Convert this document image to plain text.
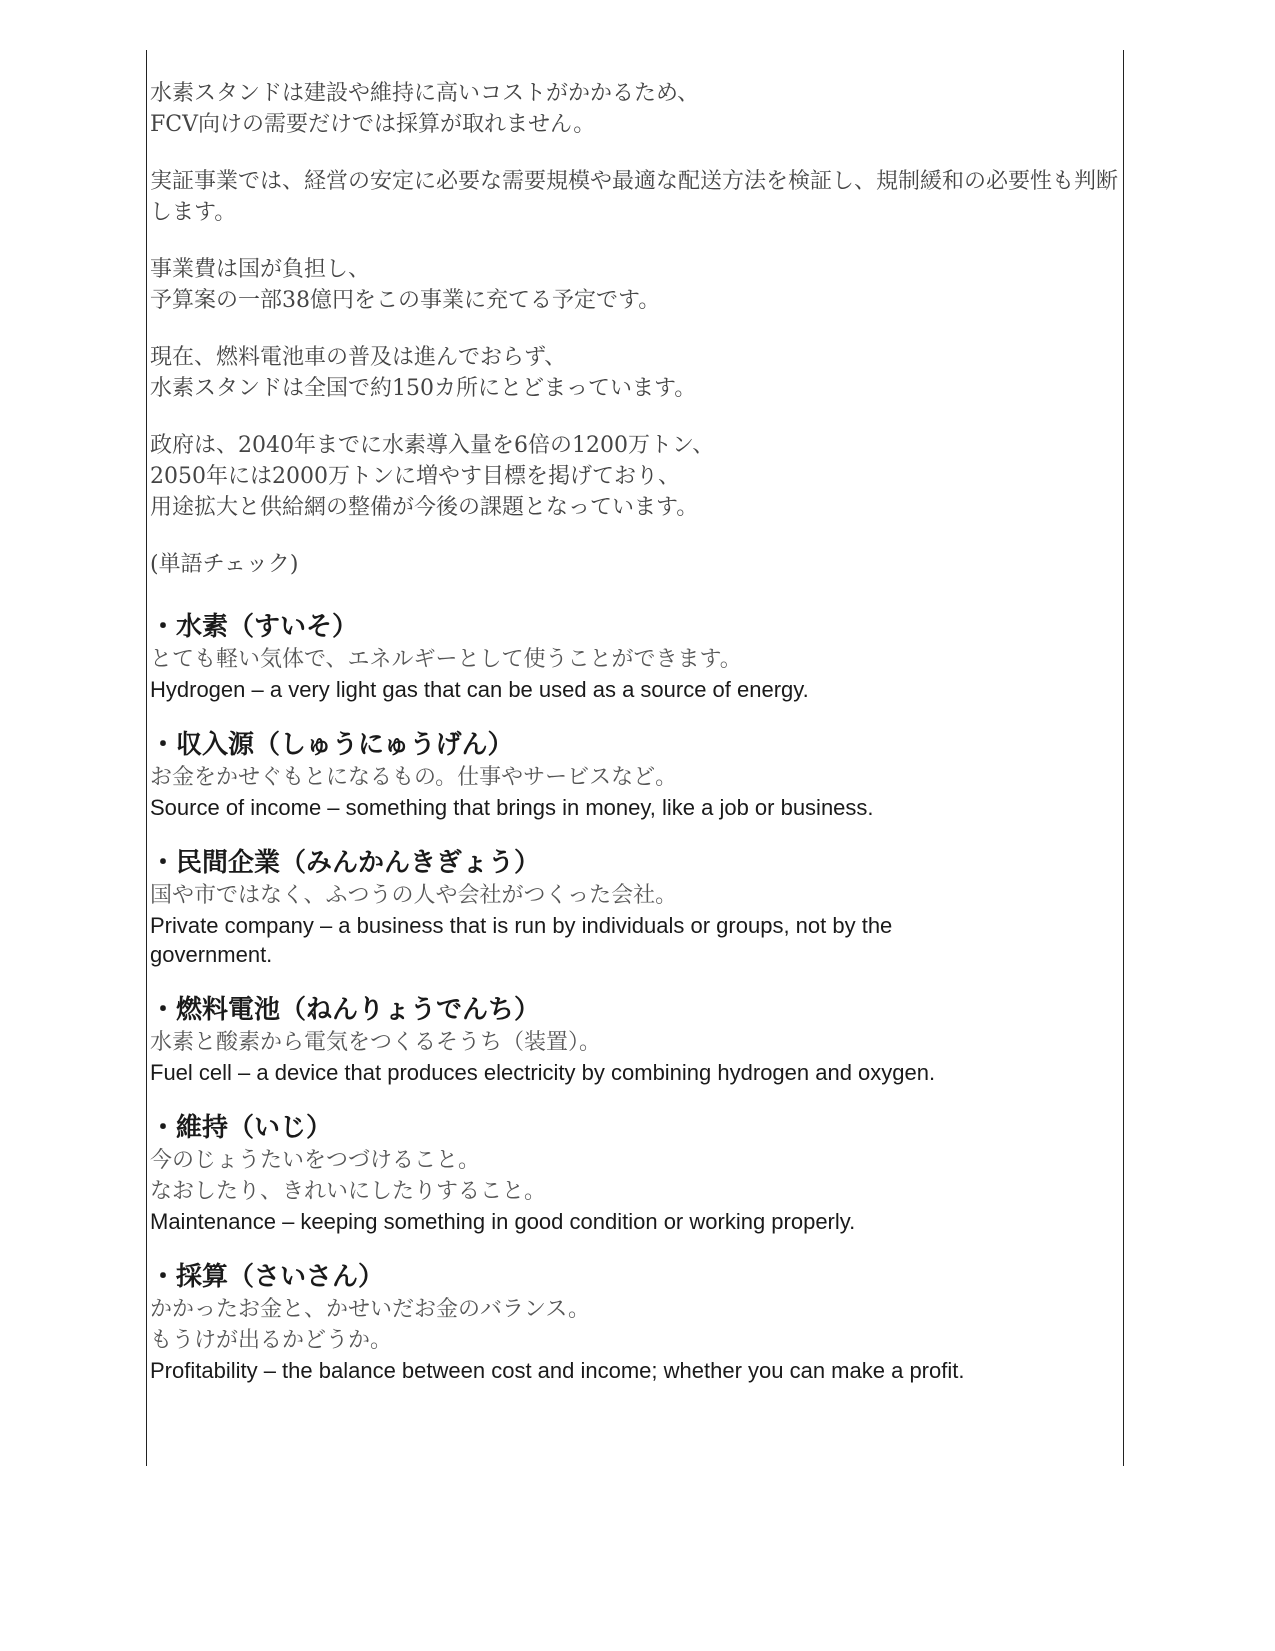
水素スタンドは建設や維持に高いコストがかかるため、
FCV向けの需要だけでは採算が取れません。
実証事業では、経営の安定に必要な需要規模や最適な配送方法を検証し、規制緩和の必要性も判断します。
事業費は国が負担し、
予算案の一部38億円をこの事業に充てる予定です。
現在、燃料電池車の普及は進んでおらず、
水素スタンドは全国で約150カ所にとどまっています。
政府は、2040年までに水素導入量を6倍の1200万トン、
2050年には2000万トンに増やす目標を掲げており、
用途拡大と供給網の整備が今後の課題となっています。
(単語チェック)
・水素（すいそ）
とても軽い気体で、エネルギーとして使うことができます。
Hydrogen – a very light gas that can be used as a source of energy.
・収入源（しゅうにゅうげん）
お金をかせぐもとになるもの。仕事やサービスなど。
Source of income – something that brings in money, like a job or business.
・民間企業（みんかんきぎょう）
国や市ではなく、ふつうの人や会社がつくった会社。
Private company – a business that is run by individuals or groups, not by the government.
・燃料電池（ねんりょうでんち）
水素と酸素から電気をつくるそうち（装置）。
Fuel cell – a device that produces electricity by combining hydrogen and oxygen.
・維持（いじ）
今のじょうたいをつづけること。
なおしたり、きれいにしたりすること。
Maintenance – keeping something in good condition or working properly.
・採算（さいさん）
かかったお金と、かせいだお金のバランス。
もうけが出るかどうか。
Profitability – the balance between cost and income; whether you can make a profit.
